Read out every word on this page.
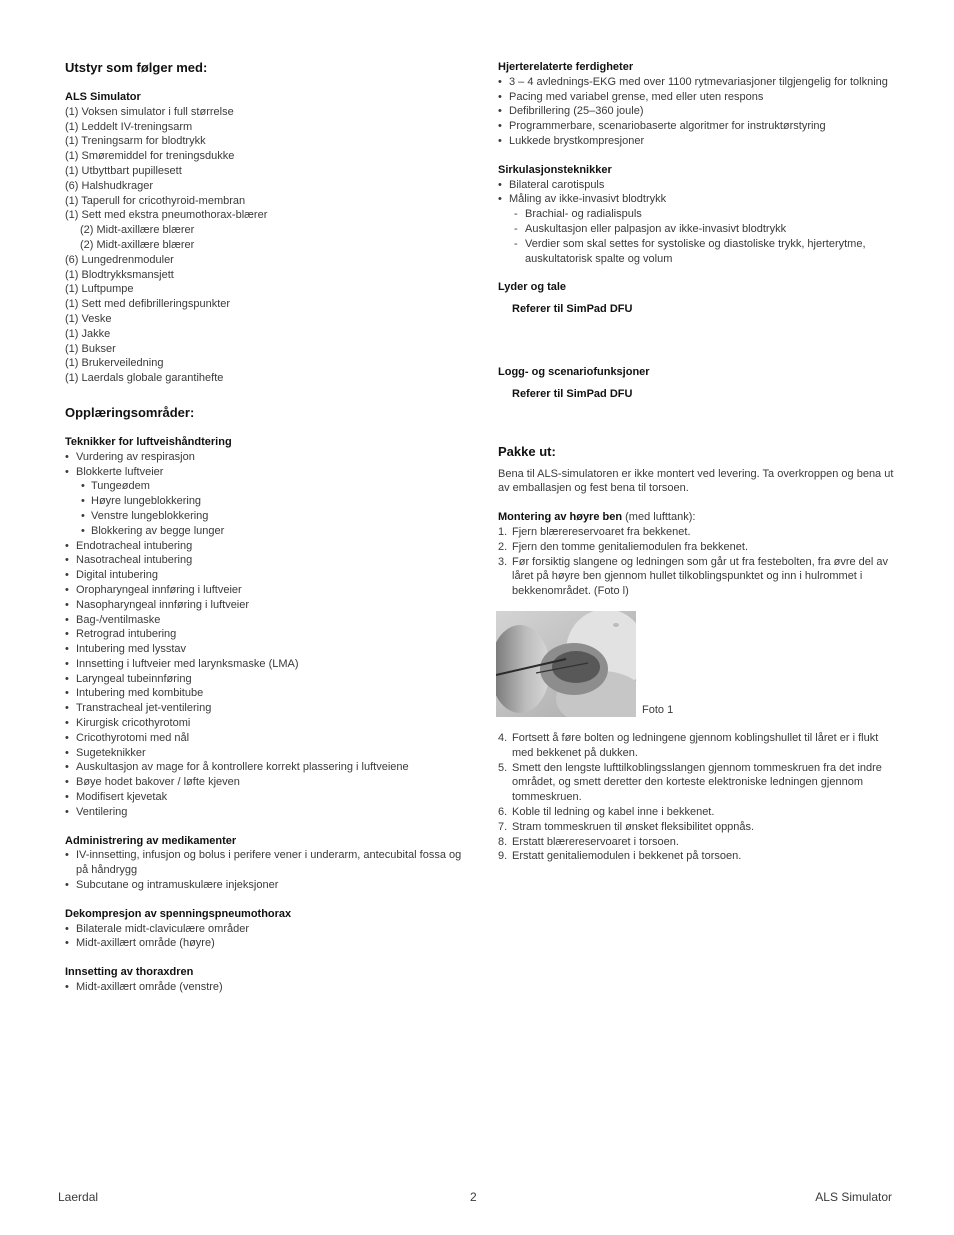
Utstyr som følger med:
ALS Simulator
(1) Voksen simulator i full størrelse
(1) Leddelt IV-treningsarm
(1) Treningsarm for blodtrykk
(1) Smøremiddel for treningsdukke
(1) Utbyttbart pupillesett
(6) Halshudkrager
(1) Taperull for cricothyroid-membran
(1) Sett med ekstra pneumothorax-blærer
(2) Midt-axillære blærer
(2) Midt-axillære blærer
(6) Lungedrenmoduler
(1) Blodtrykksmansjett
(1) Luftpumpe
(1) Sett med defibrilleringspunkter
(1) Veske
(1) Jakke
(1) Bukser
(1) Brukerveiledning
(1) Laerdals globale garantihefte
Opplæringsområder:
Teknikker for luftveishåndtering
• Vurdering av respirasjon
• Blokkerte luftveier
• Tungeødem
• Høyre lungeblokkering
• Venstre lungeblokkering
• Blokkering av begge lunger
• Endotracheal intubering
• Nasotracheal intubering
• Digital intubering
• Oropharyngeal innføring i luftveier
• Nasopharyngeal innføring i luftveier
• Bag-/ventilmaske
• Retrograd intubering
• Intubering med lysstav
• Innsetting i luftveier med larynksmaske (LMA)
• Laryngeal tubeinnføring
• Intubering med kombitube
• Transtracheal jet-ventilering
• Kirurgisk cricothyrotomi
• Cricothyrotomi med nål
• Sugeteknikker
• Auskultasjon av mage for å kontrollere korrekt plassering i luftveiene
• Bøye hodet bakover / løfte kjeven
• Modifisert kjevetak
• Ventilering
Administrering av medikamenter
• IV-innsetting, infusjon og bolus i perifere vener i underarm, antecubital fossa og på håndrygg
• Subcutane og intramuskulære injeksjoner
Dekompresjon av spenningspneumothorax
• Bilaterale midt-claviculære områder
• Midt-axillært område (høyre)
Innsetting av thoraxdren
• Midt-axillært område (venstre)
Hjerterelaterte ferdigheter
• 3 – 4 avlednings-EKG med over 1100 rytmevariasjoner tilgjengelig for tolkning
• Pacing med variabel grense, med eller uten respons
• Defibrillering (25–360 joule)
• Programmerbare, scenariobaserte algoritmer for instruktørstyring
• Lukkede brystkompresjoner
Sirkulasjonsteknikker
• Bilateral carotispuls
• Måling av ikke-invasivt blodtrykk
- Brachial- og radialispuls
- Auskultasjon eller palpasjon av ikke-invasivt blodtrykk
- Verdier som skal settes for systoliske og diastoliske trykk, hjerterytme, auskultatorisk spalte og volum
Lyder og tale
Referer til SimPad DFU
Logg- og scenariofunksjoner
Referer til SimPad DFU
Pakke ut:

Bena til ALS-simulatoren er ikke montert ved levering. Ta overkroppen og bena ut av emballasjen og fest bena til torsoen.

Montering av høyre ben (med lufttank):

1. Fjern blærereservoaret fra bekkenet.
2. Fjern den tomme genitaliemodulen fra bekkenet.
3. Før forsiktig slangene og ledningen som går ut fra festebolten, fra øvre del av låret på høyre ben gjennom hullet tilkoblingspunktet og inn i hulrommet i bekkenområdet. (Foto l)
Foto 1
4. Fortsett å føre bolten og ledningene gjennom koblingshullet til låret er i flukt med bekkenet på dukken.
5. Smett den lengste lufttilkoblingsslangen gjennom tommeskruen fra det indre området, og smett deretter den korteste elektroniske ledningen gjennom tommeskruen.
6. Koble til ledning og kabel inne i bekkenet.
7. Stram tommeskruen til ønsket fleksibilitet oppnås.
8. Erstatt blærereservoaret i torsoen.
9. Erstatt genitaliemodulen i bekkenet på torsoen.
Laerdal	2	ALS Simulator
